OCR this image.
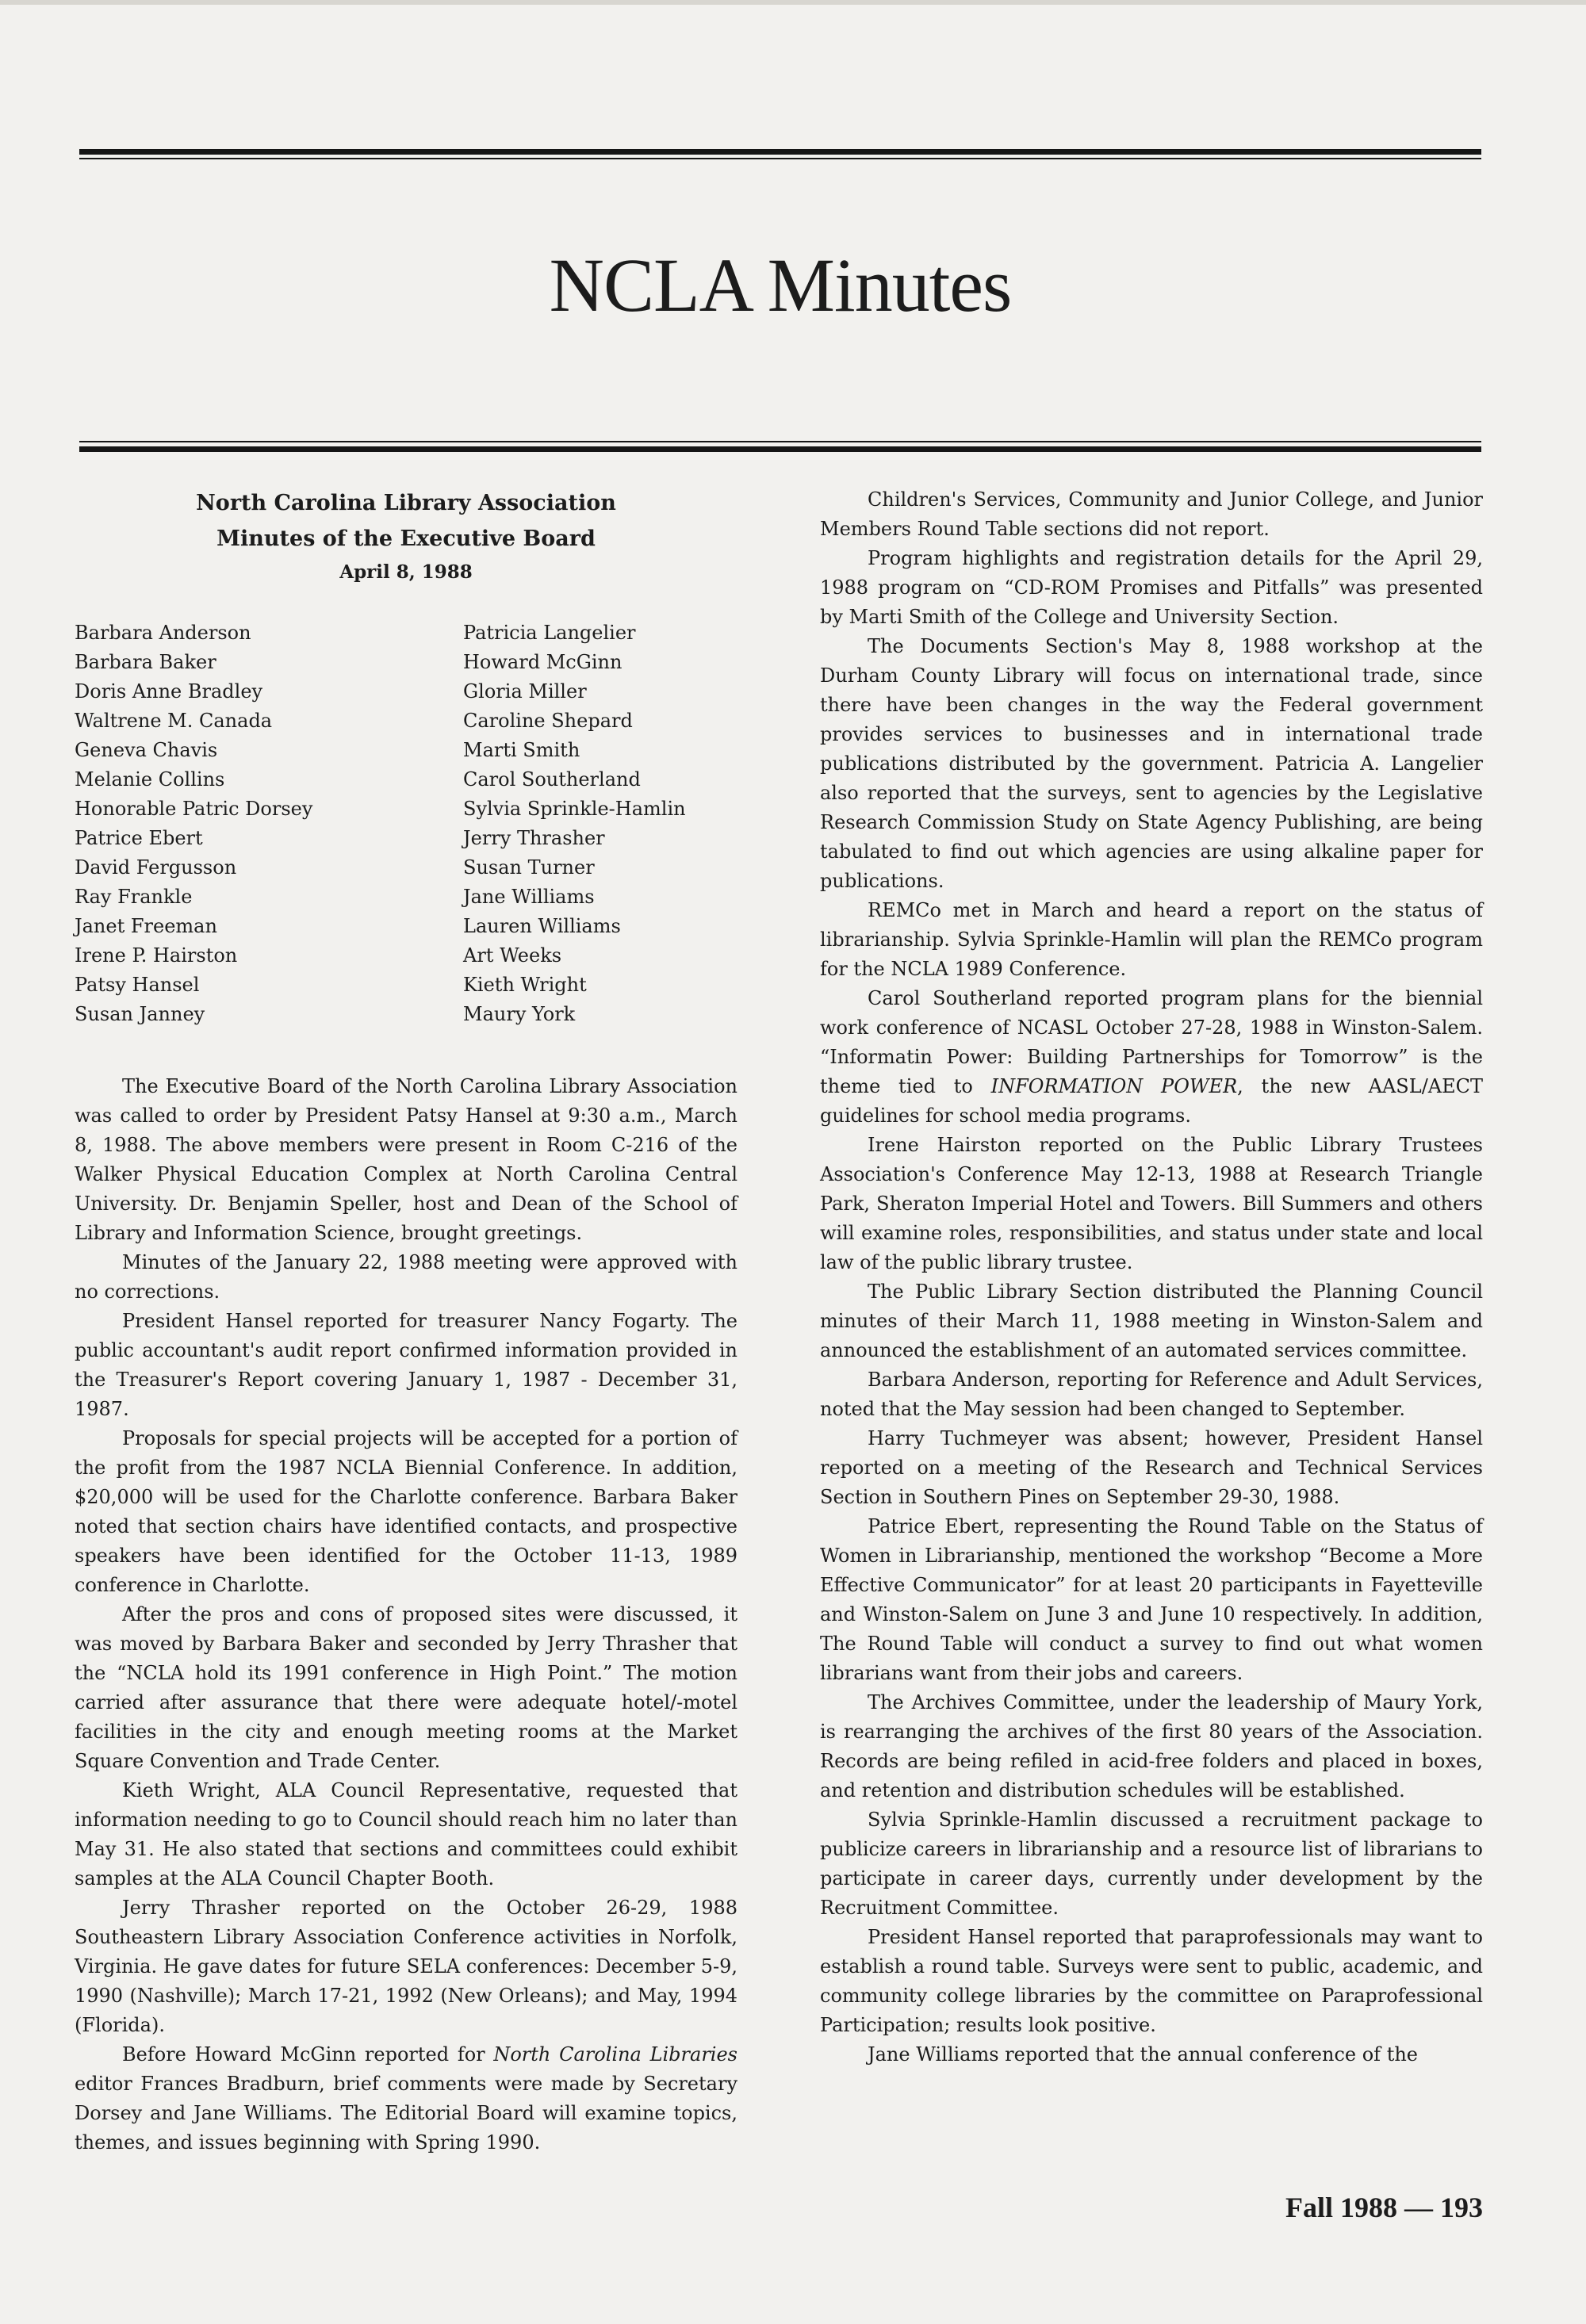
NCLA Minutes
North Carolina Library Association
Minutes of the Executive Board
April 8, 1988
Barbara Anderson
Barbara Baker
Doris Anne Bradley
Waltrene M. Canada
Geneva Chavis
Melanie Collins
Honorable Patric Dorsey
Patrice Ebert
David Fergusson
Ray Frankle
Janet Freeman
Irene P. Hairston
Patsy Hansel
Susan Janney
Patricia Langelier
Howard McGinn
Gloria Miller
Caroline Shepard
Marti Smith
Carol Southerland
Sylvia Sprinkle-Hamlin
Jerry Thrasher
Susan Turner
Jane Williams
Lauren Williams
Art Weeks
Kieth Wright
Maury York

The Executive Board of the North Carolina Library Association was called to order by President Patsy Hansel at 9:30 a.m., March 8, 1988. The above members were present in Room C-216 of the Walker Physical Education Complex at North Carolina Central University. Dr. Benjamin Speller, host and Dean of the School of Library and Information Science, brought greetings.

Minutes of the January 22, 1988 meeting were approved with no corrections.

President Hansel reported for treasurer Nancy Fogarty. The public accountant's audit report confirmed information provided in the Treasurer's Report covering January 1, 1987 - December 31, 1987.

Proposals for special projects will be accepted for a portion of the profit from the 1987 NCLA Biennial Conference. In addition, $20,000 will be used for the Charlotte conference. Barbara Baker noted that section chairs have identified contacts, and prospective speakers have been identified for the October 11-13, 1989 conference in Charlotte.

After the pros and cons of proposed sites were discussed, it was moved by Barbara Baker and seconded by Jerry Thrasher that the “NCLA hold its 1991 conference in High Point.” The motion carried after assurance that there were adequate hotel/-motel facilities in the city and enough meeting rooms at the Market Square Convention and Trade Center.

Kieth Wright, ALA Council Representative, requested that information needing to go to Council should reach him no later than May 31. He also stated that sections and committees could exhibit samples at the ALA Council Chapter Booth.

Jerry Thrasher reported on the October 26-29, 1988 Southeastern Library Association Conference activities in Norfolk, Virginia. He gave dates for future SELA conferences: December 5-9, 1990 (Nashville); March 17-21, 1992 (New Orleans); and May, 1994 (Florida).

Before Howard McGinn reported for North Carolina Libraries editor Frances Bradburn, brief comments were made by Secretary Dorsey and Jane Williams. The Editorial Board will examine topics, themes, and issues beginning with Spring 1990.

Children's Services, Community and Junior College, and Junior Members Round Table sections did not report.

Program highlights and registration details for the April 29, 1988 program on “CD-ROM Promises and Pitfalls” was presented by Marti Smith of the College and University Section.

The Documents Section's May 8, 1988 workshop at the Durham County Library will focus on international trade, since there have been changes in the way the Federal government provides services to businesses and in international trade publications distributed by the government. Patricia A. Langelier also reported that the surveys, sent to agencies by the Legislative Research Commission Study on State Agency Publishing, are being tabulated to find out which agencies are using alkaline paper for publications.

REMCo met in March and heard a report on the status of librarianship. Sylvia Sprinkle-Hamlin will plan the REMCo program for the NCLA 1989 Conference.

Carol Southerland reported program plans for the biennial work conference of NCASL October 27-28, 1988 in Winston-Salem. “Informatin Power: Building Partnerships for Tomorrow” is the theme tied to INFORMATION POWER, the new AASL/AECT guidelines for school media programs.

Irene Hairston reported on the Public Library Trustees Association's Conference May 12-13, 1988 at Research Triangle Park, Sheraton Imperial Hotel and Towers. Bill Summers and others will examine roles, responsibilities, and status under state and local law of the public library trustee.

The Public Library Section distributed the Planning Council minutes of their March 11, 1988 meeting in Winston-Salem and announced the establishment of an automated services committee.

Barbara Anderson, reporting for Reference and Adult Services, noted that the May session had been changed to September.

Harry Tuchmeyer was absent; however, President Hansel reported on a meeting of the Research and Technical Services Section in Southern Pines on September 29-30, 1988.

Patrice Ebert, representing the Round Table on the Status of Women in Librarianship, mentioned the workshop “Become a More Effective Communicator” for at least 20 participants in Fayetteville and Winston-Salem on June 3 and June 10 respectively. In addition, The Round Table will conduct a survey to find out what women librarians want from their jobs and careers.

The Archives Committee, under the leadership of Maury York, is rearranging the archives of the first 80 years of the Association. Records are being refiled in acid-free folders and placed in boxes, and retention and distribution schedules will be established.

Sylvia Sprinkle-Hamlin discussed a recruitment package to publicize careers in librarianship and a resource list of librarians to participate in career days, currently under development by the Recruitment Committee.

President Hansel reported that paraprofessionals may want to establish a round table. Surveys were sent to public, academic, and community college libraries by the committee on Paraprofessional Participation; results look positive.

Jane Williams reported that the annual conference of the

Fall 1988 — 193
